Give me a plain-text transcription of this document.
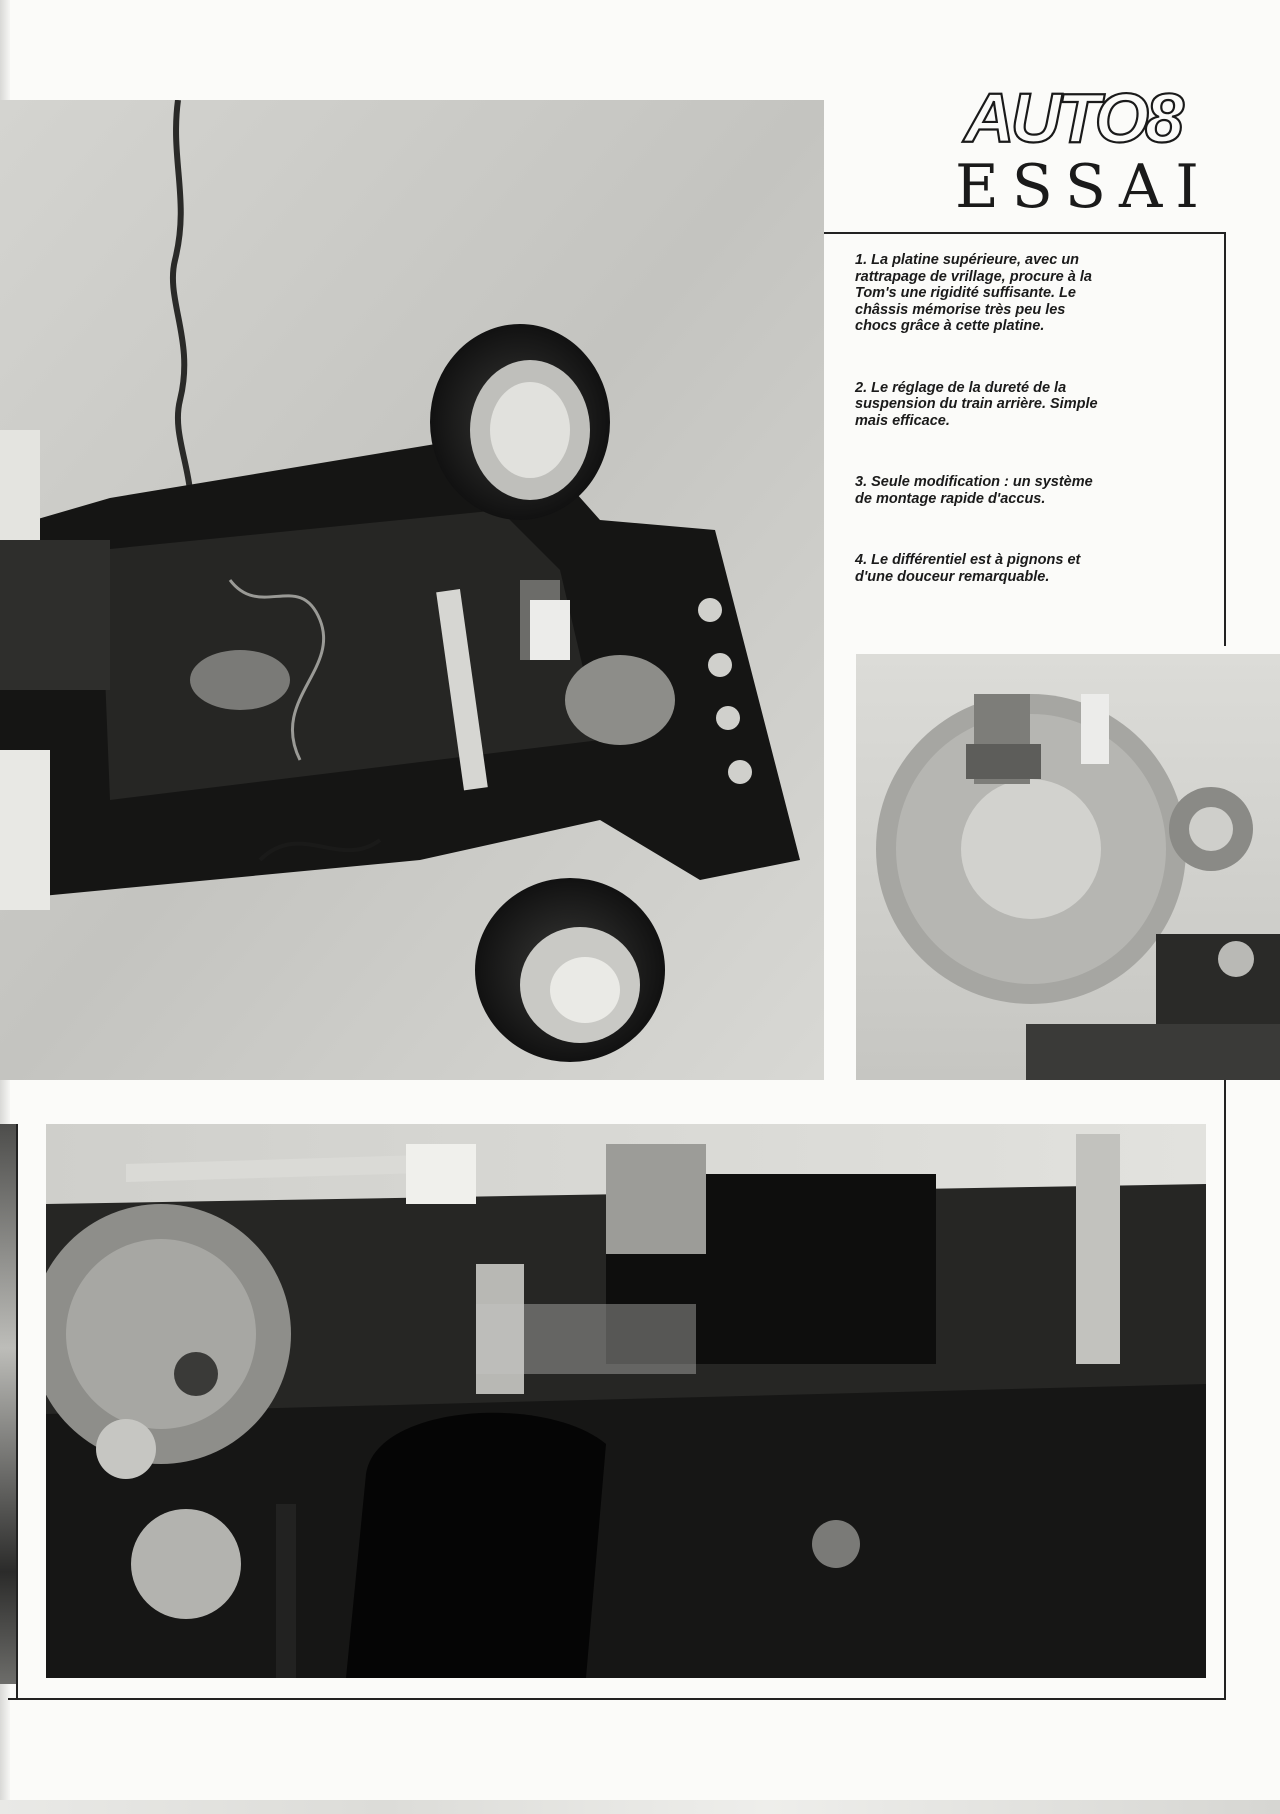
AUTO8
ESSAI

1. La platine supérieure, avec un rattrapage de vrillage, procure à la Tom's une rigidité suffisante. Le châssis mémorise très peu les chocs grâce à cette platine.

2. Le réglage de la dureté de la suspension du train arrière. Simple mais efficace.

3. Seule modification : un système de montage rapide d'accus.

4. Le différentiel est à pignons et d'une douceur remarquable.
